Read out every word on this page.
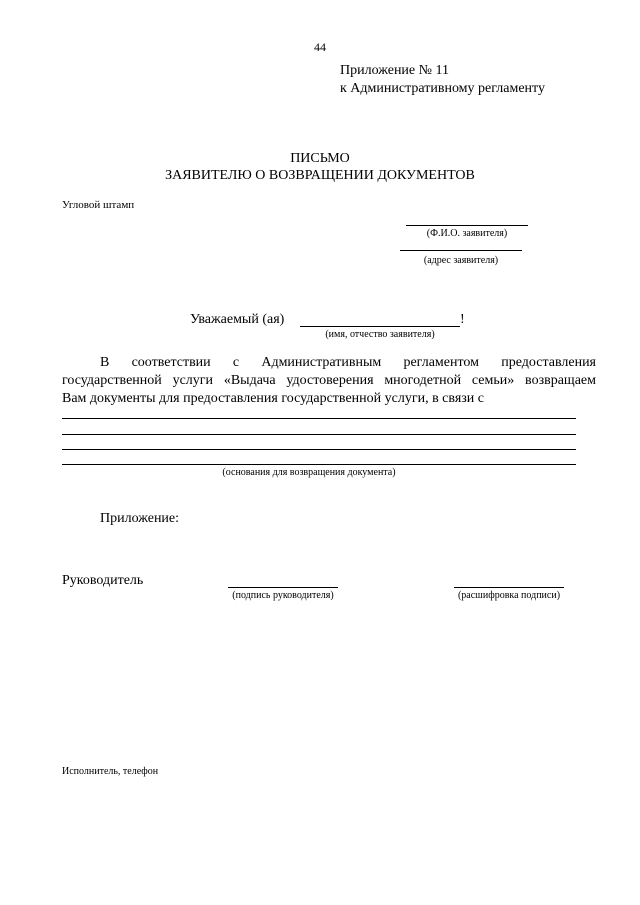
44
Приложение № 11
к Административному регламенту
ПИСЬМО
ЗАЯВИТЕЛЮ О ВОЗВРАЩЕНИИ ДОКУМЕНТОВ
Угловой штамп
(Ф.И.О. заявителя)
(адрес заявителя)
Уважаемый (ая)	!
(имя, отчество заявителя)
В соответствии с Административным регламентом предоставления
государственной услуги «Выдача удостоверения многодетной семьи» возвращаем
Вам документы для предоставления государственной услуги, в связи с
(основания для возвращения документа)
Приложение:
Руководитель
(подпись руководителя)	(расшифровка подписи)
Исполнитель, телефон
